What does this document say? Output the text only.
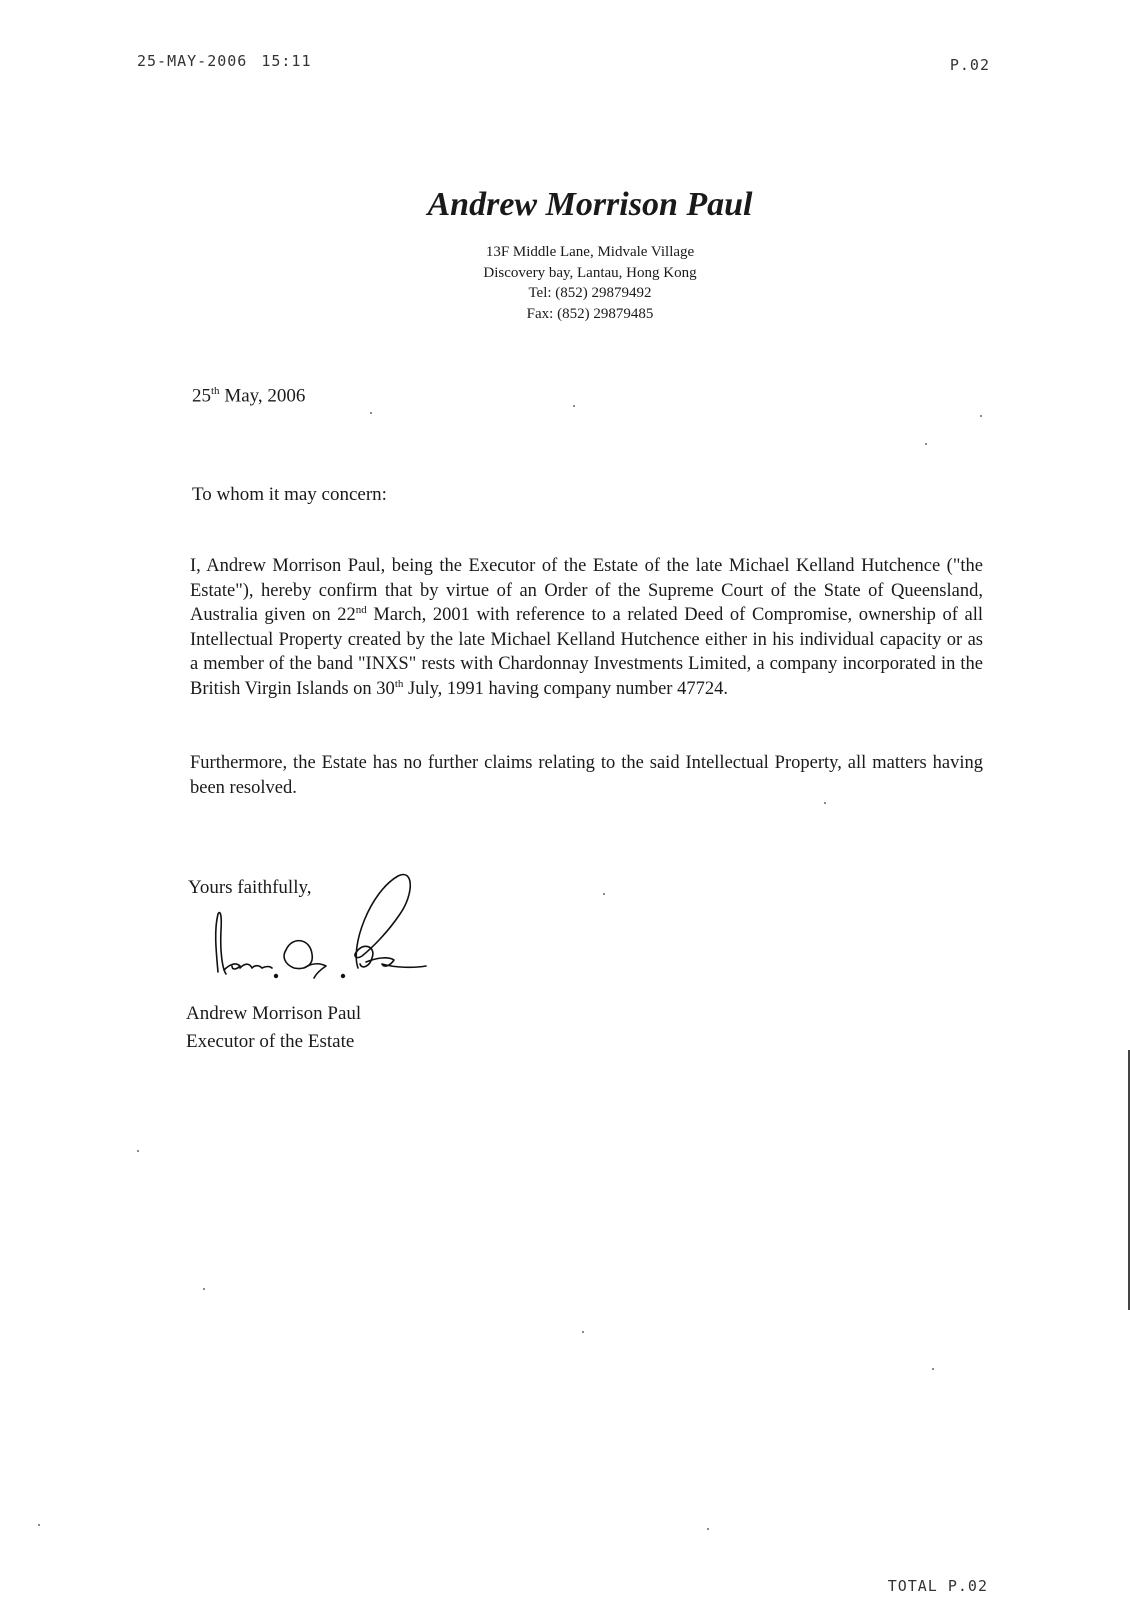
25-MAY-2006 15:11	P.02
Andrew Morrison Paul
13F Middle Lane, Midvale Village
Discovery bay, Lantau, Hong Kong
Tel: (852) 29879492
Fax: (852) 29879485
25th May, 2006
To whom it may concern:
I, Andrew Morrison Paul, being the Executor of the Estate of the late Michael Kelland Hutchence ("the Estate"), hereby confirm that by virtue of an Order of the Supreme Court of the State of Queensland, Australia given on 22nd March, 2001 with reference to a related Deed of Compromise, ownership of all Intellectual Property created by the late Michael Kelland Hutchence either in his individual capacity or as a member of the band "INXS" rests with Chardonnay Investments Limited, a company incorporated in the British Virgin Islands on 30th July, 1991 having company number 47724.
Furthermore, the Estate has no further claims relating to the said Intellectual Property, all matters having been resolved.
Yours faithfully,
Andrew Morrison Paul
Executor of the Estate
TOTAL P.02
